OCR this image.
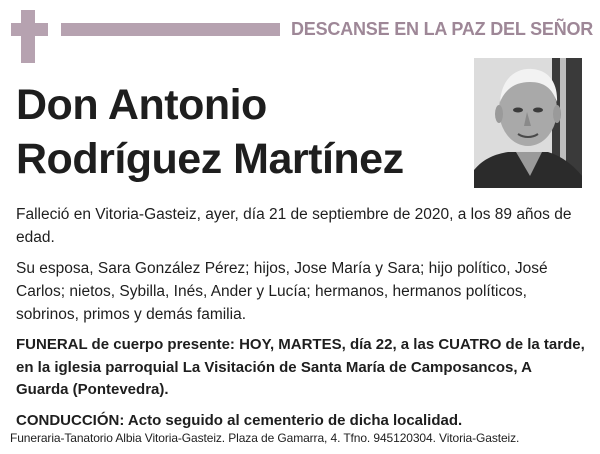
DESCANSE EN LA PAZ DEL SEÑOR
Don Antonio
Rodríguez Martínez

Falleció en Vitoria-Gasteiz, ayer, día 21 de septiembre de 2020, a los 89 años de edad.

Su esposa, Sara González Pérez; hijos, Jose María y Sara; hijo político, José Carlos; nietos, Sybilla, Inés, Ander y Lucía; hermanos, hermanos políticos, sobrinos, primos y demás familia.

FUNERAL de cuerpo presente: HOY, MARTES, día 22, a las CUATRO de la tarde, en la iglesia parroquial La Visitación de Santa María de Camposancos, A Guarda (Pontevedra).

CONDUCCIÓN: Acto seguido al cementerio de dicha localidad.

Funeraria-Tanatorio Albia Vitoria-Gasteiz. Plaza de Gamarra, 4. Tfno. 945120304. Vitoria-Gasteiz.
